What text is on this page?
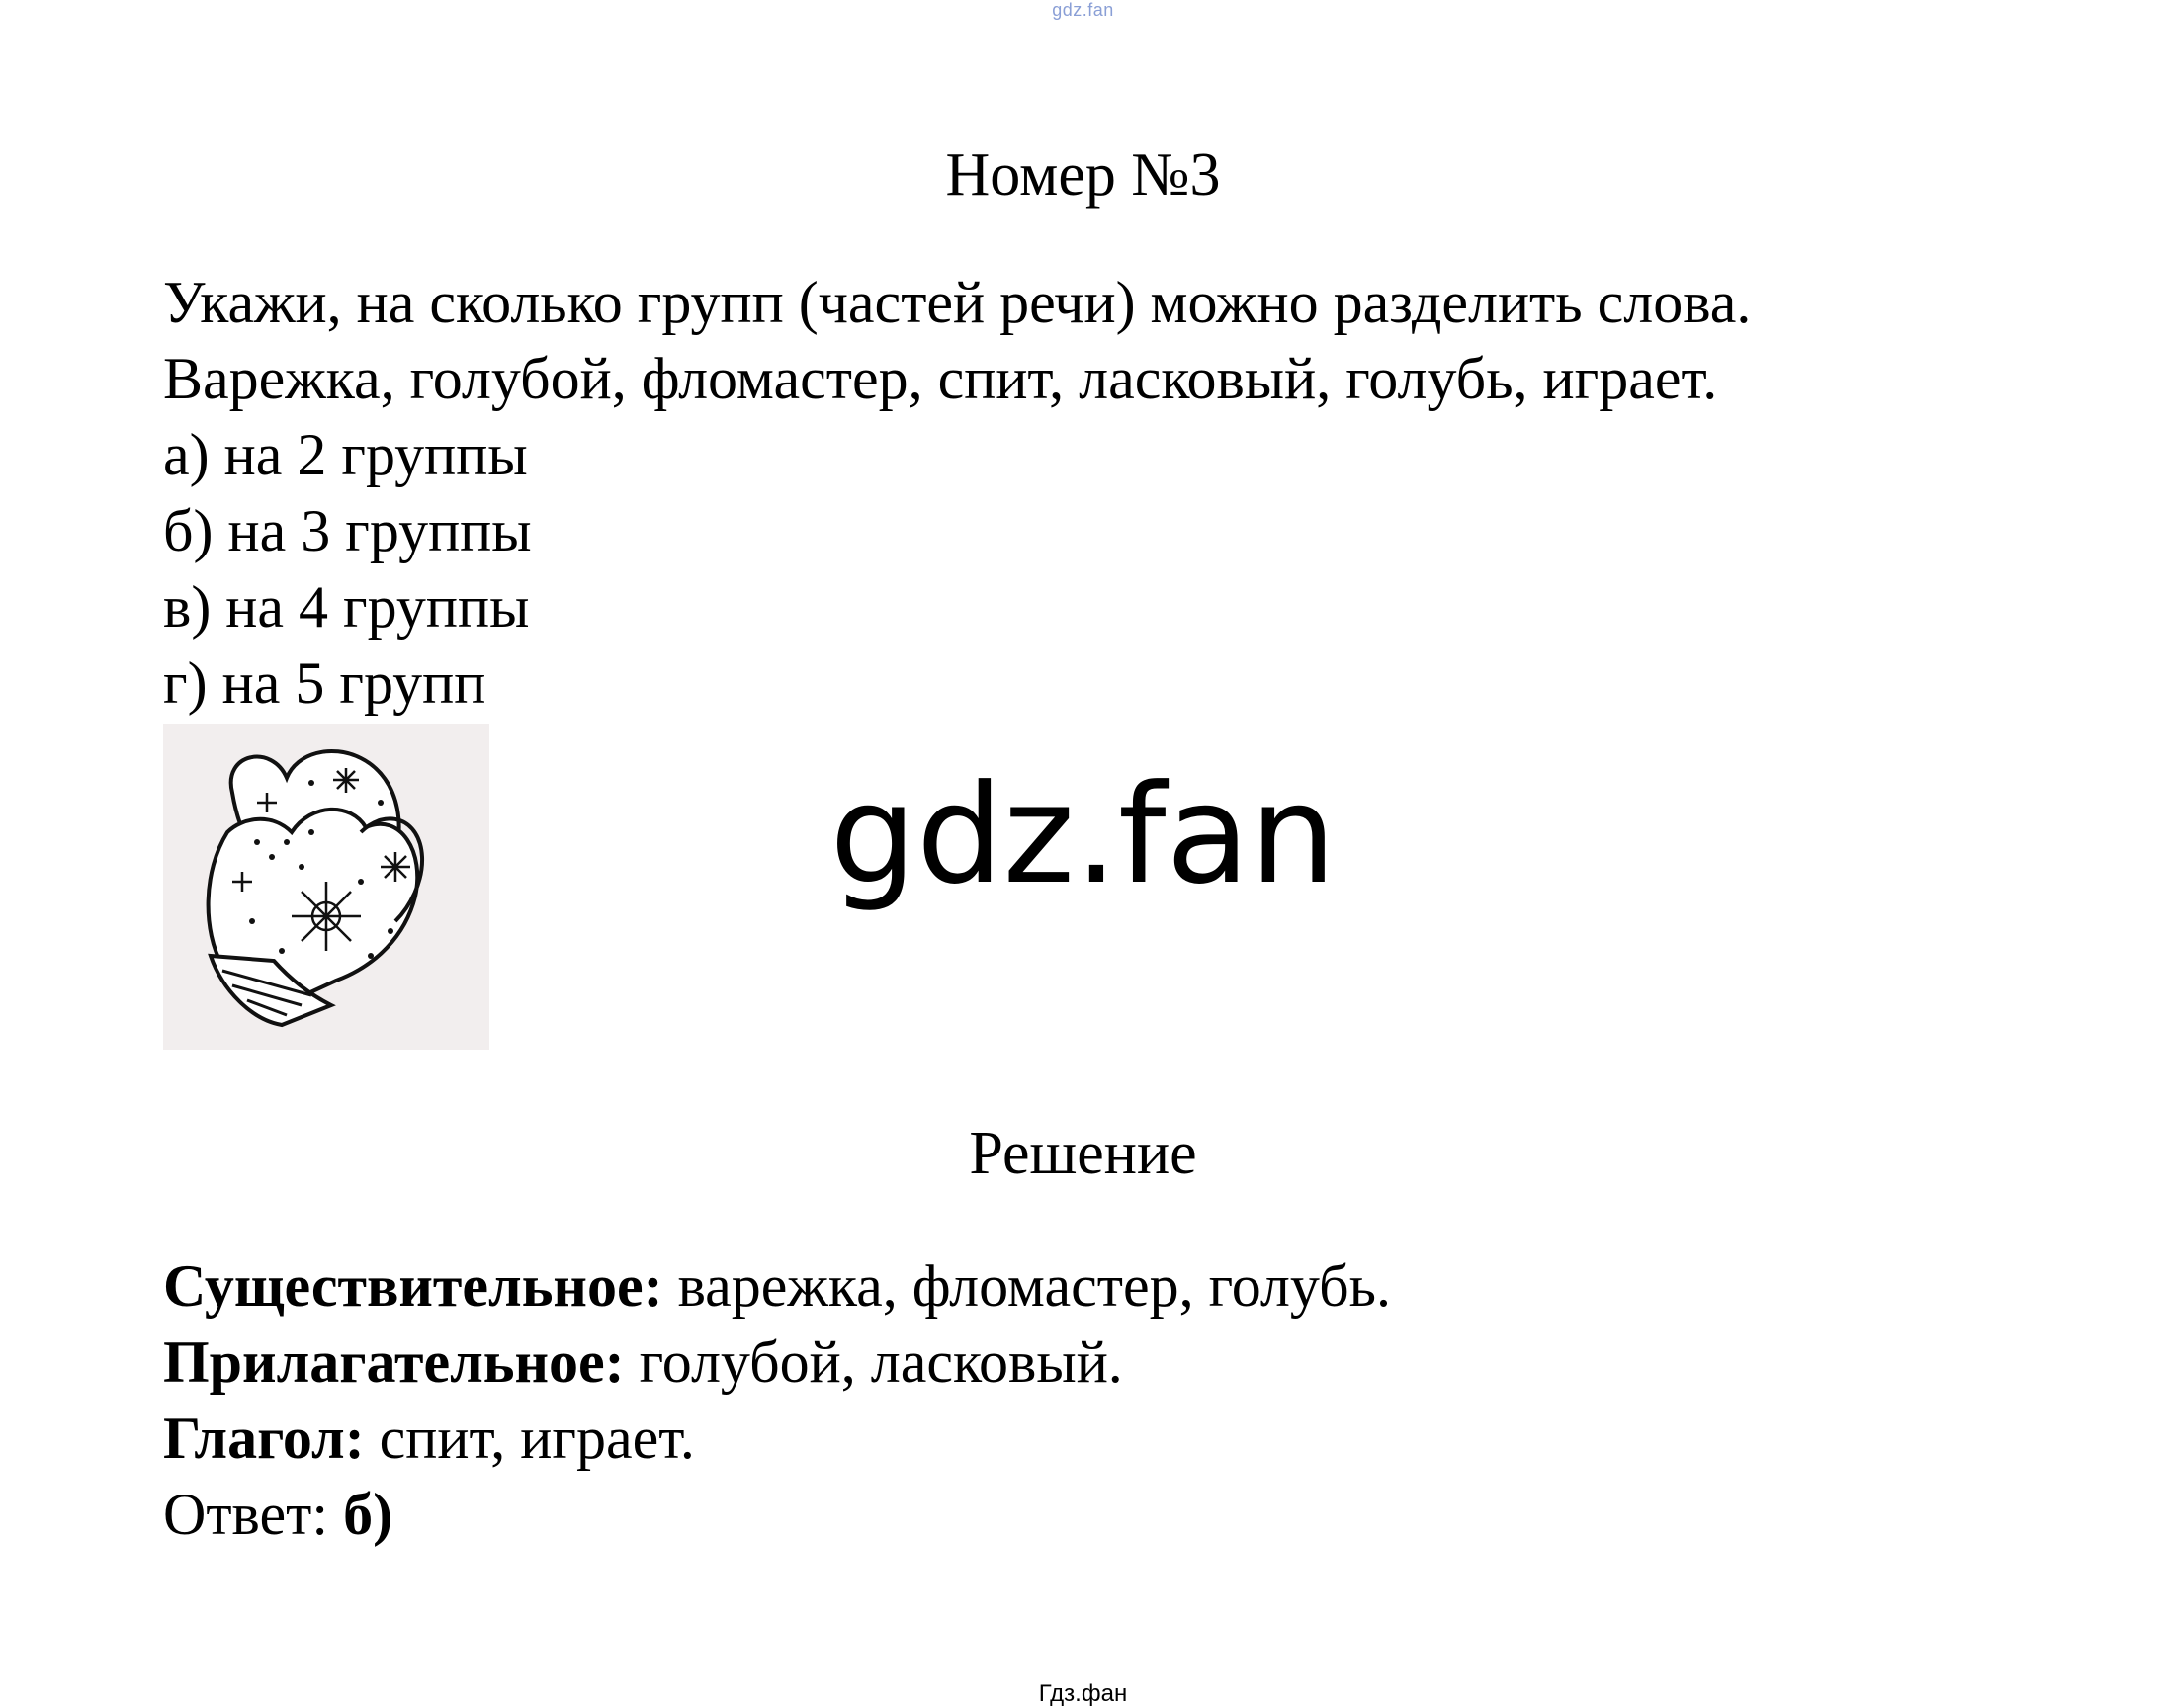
gdz.fan
Номер №3
Укажи, на сколько групп (частей речи) можно разделить слова.
Варежка, голубой, фломастер, спит, ласковый, голубь, играет.
а) на 2 группы
б) на 3 группы
в) на 4 группы
г) на 5 групп
gdz.fan
Решение
Существительное: варежка, фломастер, голубь.
Прилагательное: голубой, ласковый.
Глагол: спит, играет.
Ответ: б)
Гдз.фан
